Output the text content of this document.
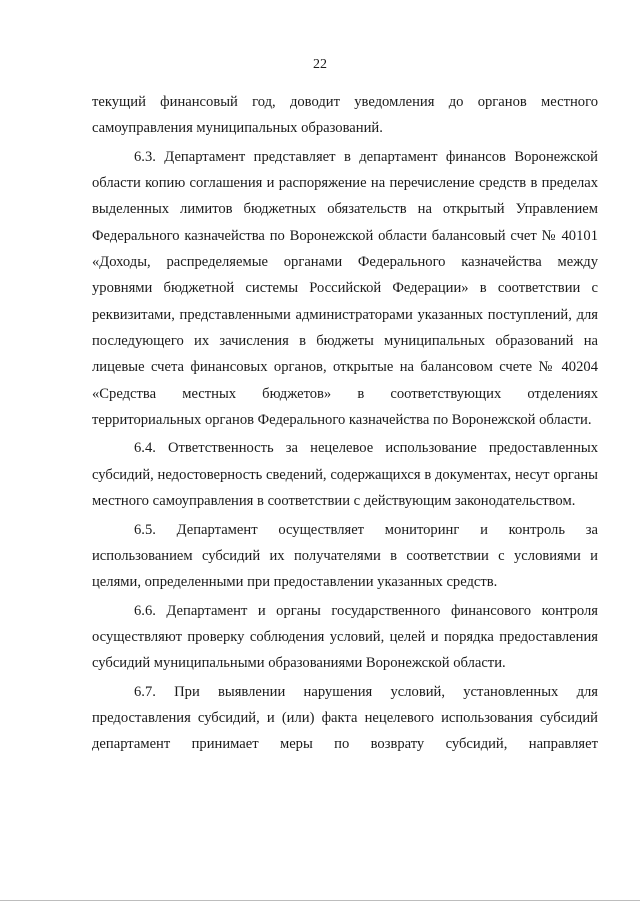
22

текущий финансовый год, доводит уведомления до органов местного самоуправления муниципальных образований.

6.3. Департамент представляет в департамент финансов Воронежской области копию соглашения и распоряжение на перечисление средств в пределах выделенных лимитов бюджетных обязательств на открытый Управлением Федерального казначейства по Воронежской области балансовый счет № 40101 «Доходы, распределяемые органами Федерального казначейства между уровнями бюджетной системы Российской Федерации» в соответствии с реквизитами, представленными администраторами указанных поступлений, для последующего их зачисления в бюджеты муниципальных образований на лицевые счета финансовых органов, открытые на балансовом счете № 40204 «Средства местных бюджетов» в соответствующих отделениях территориальных органов Федерального казначейства по Воронежской области.

6.4. Ответственность за нецелевое использование предоставленных субсидий, недостоверность сведений, содержащихся в документах, несут органы местного самоуправления в соответствии с действующим законодательством.

6.5. Департамент осуществляет мониторинг и контроль за использованием субсидий их получателями в соответствии с условиями и целями, определенными при предоставлении указанных средств.

6.6. Департамент и органы государственного финансового контроля осуществляют проверку соблюдения условий, целей и порядка предоставления субсидий муниципальными образованиями Воронежской области.

6.7. При выявлении нарушения условий, установленных для предоставления субсидий, и (или) факта нецелевого использования субсидий департамент принимает меры по возврату субсидий, направляет
